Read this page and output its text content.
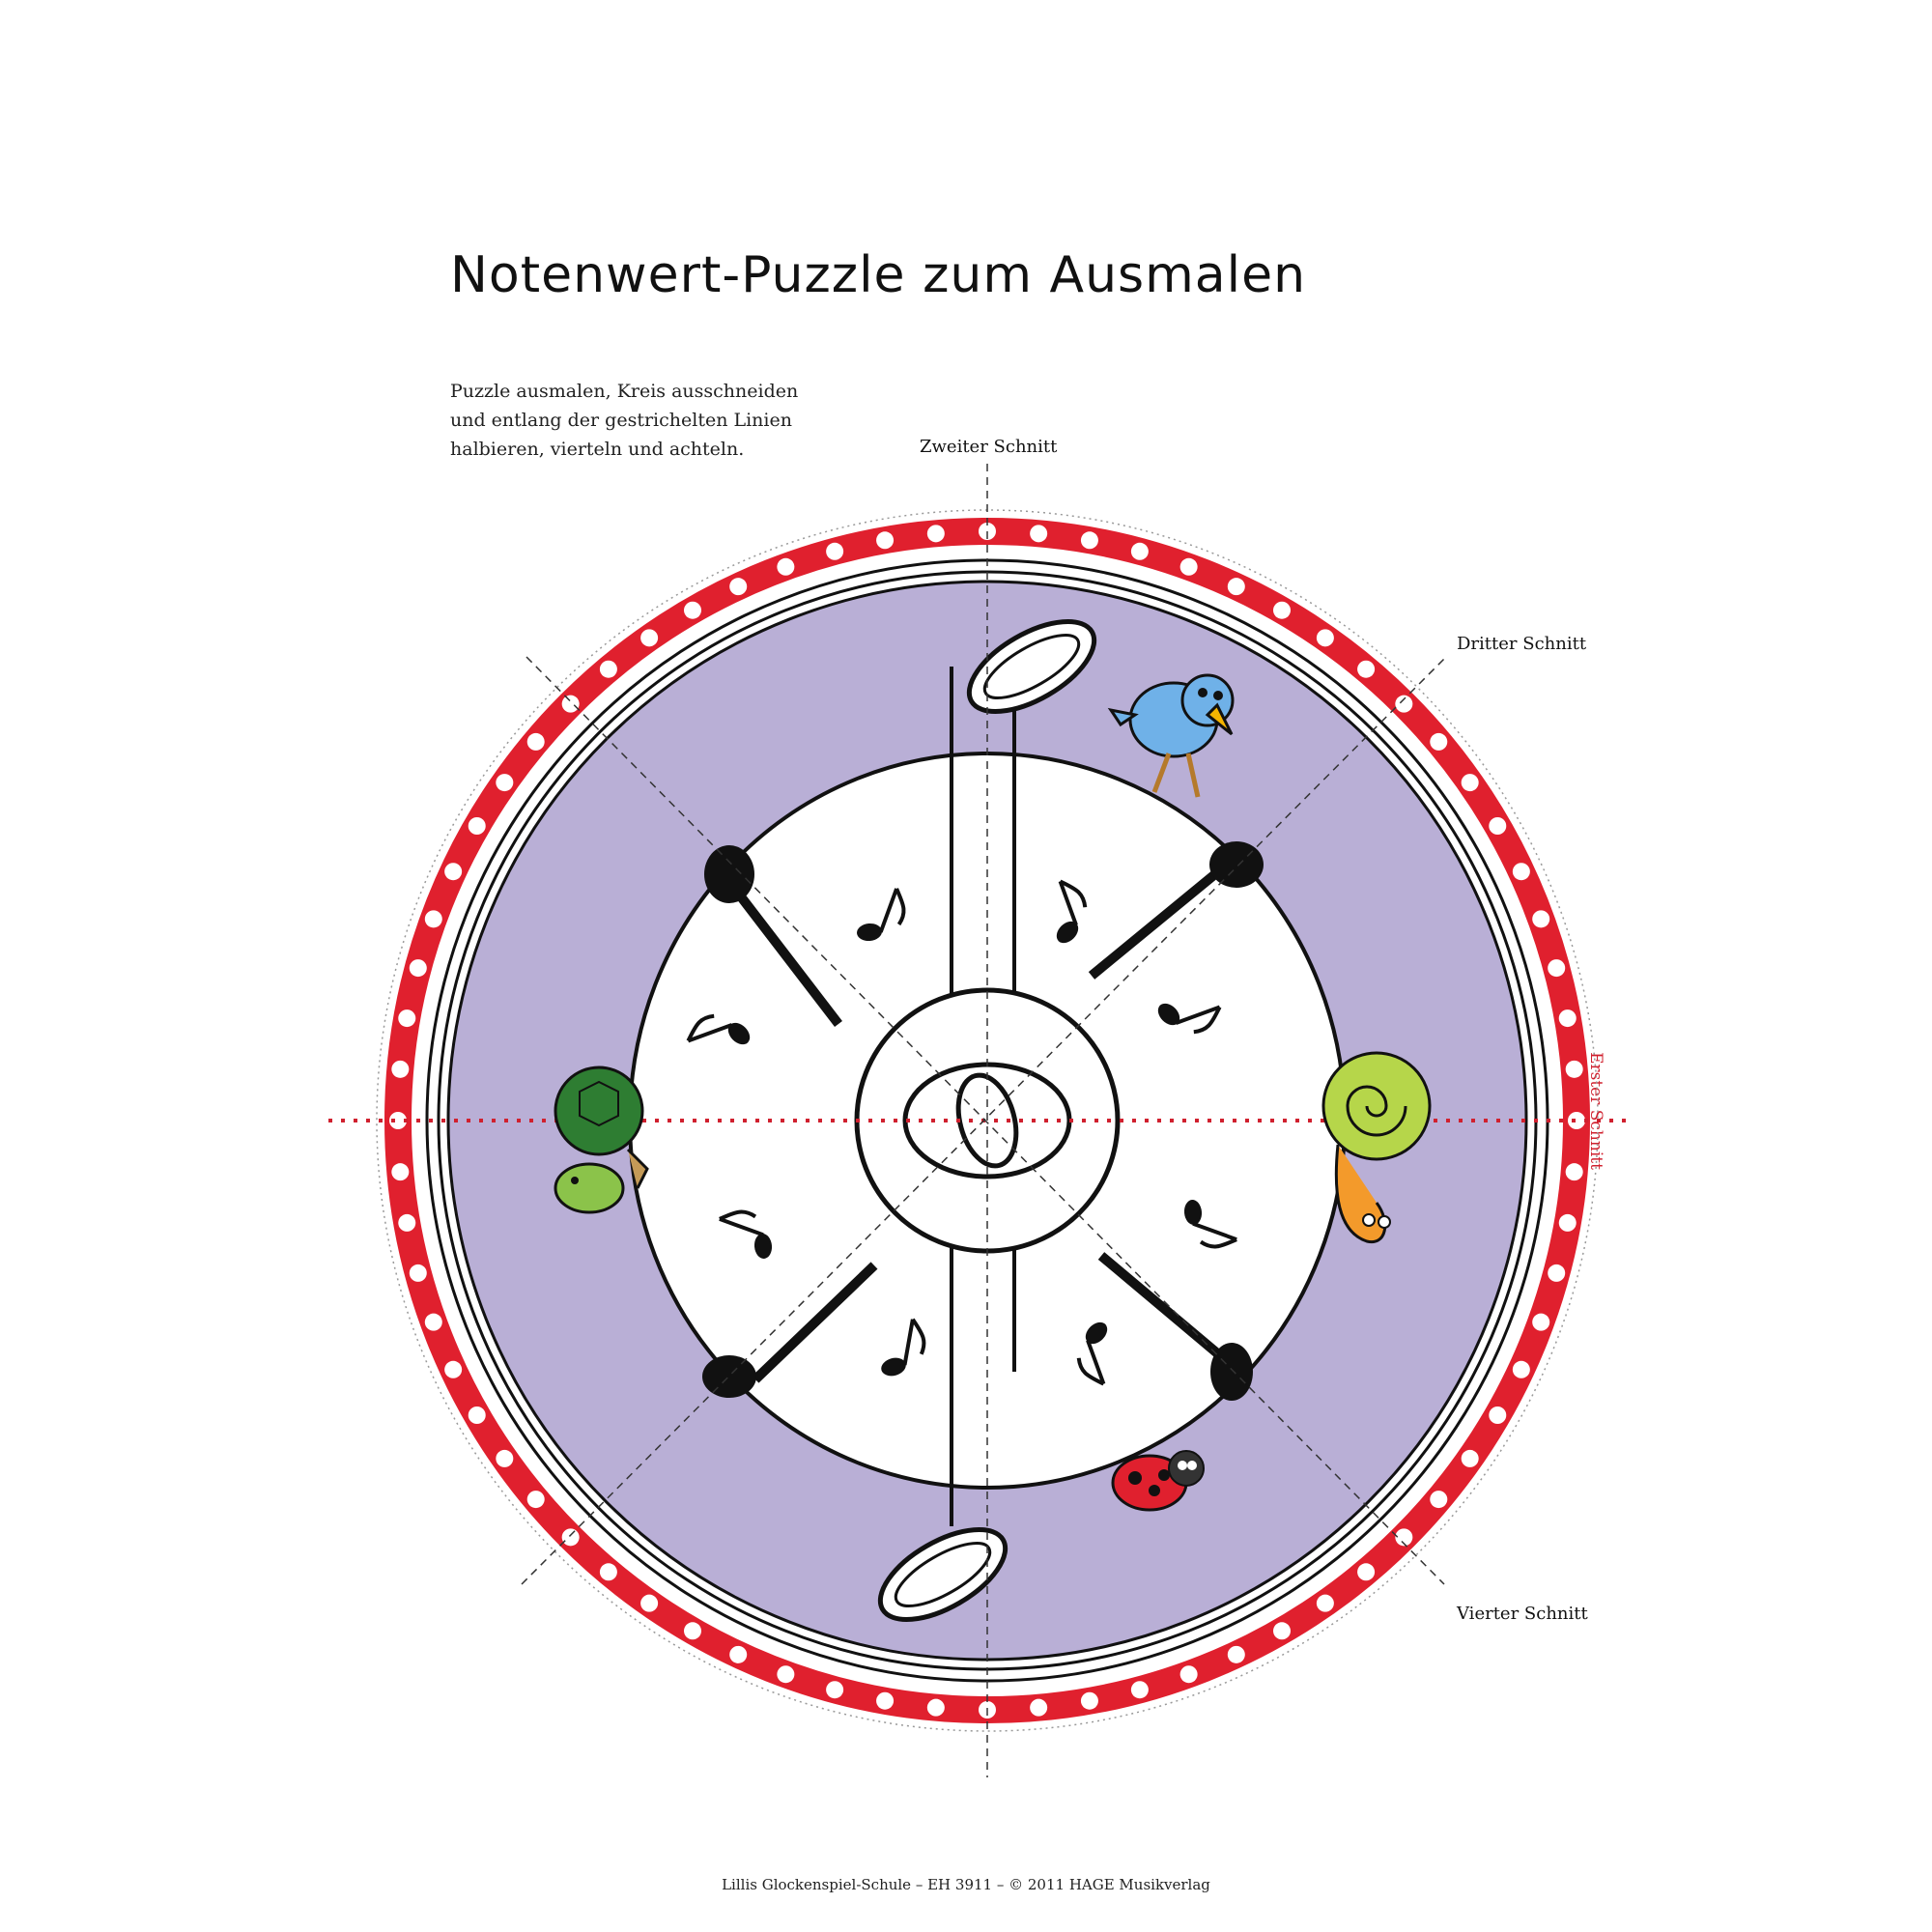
Notenwert-Puzzle zum Ausmalen
Puzzle ausmalen, Kreis ausschneiden
und entlang der gestrichelten Linien
halbieren, vierteln und achteln.	Zweiter Schnitt
Dritter Schnitt
Vierter Schnitt
Erster Schnitt
Lillis Glockenspiel-Schule – EH 3911 – © 2011 HAGE Musikverlag
